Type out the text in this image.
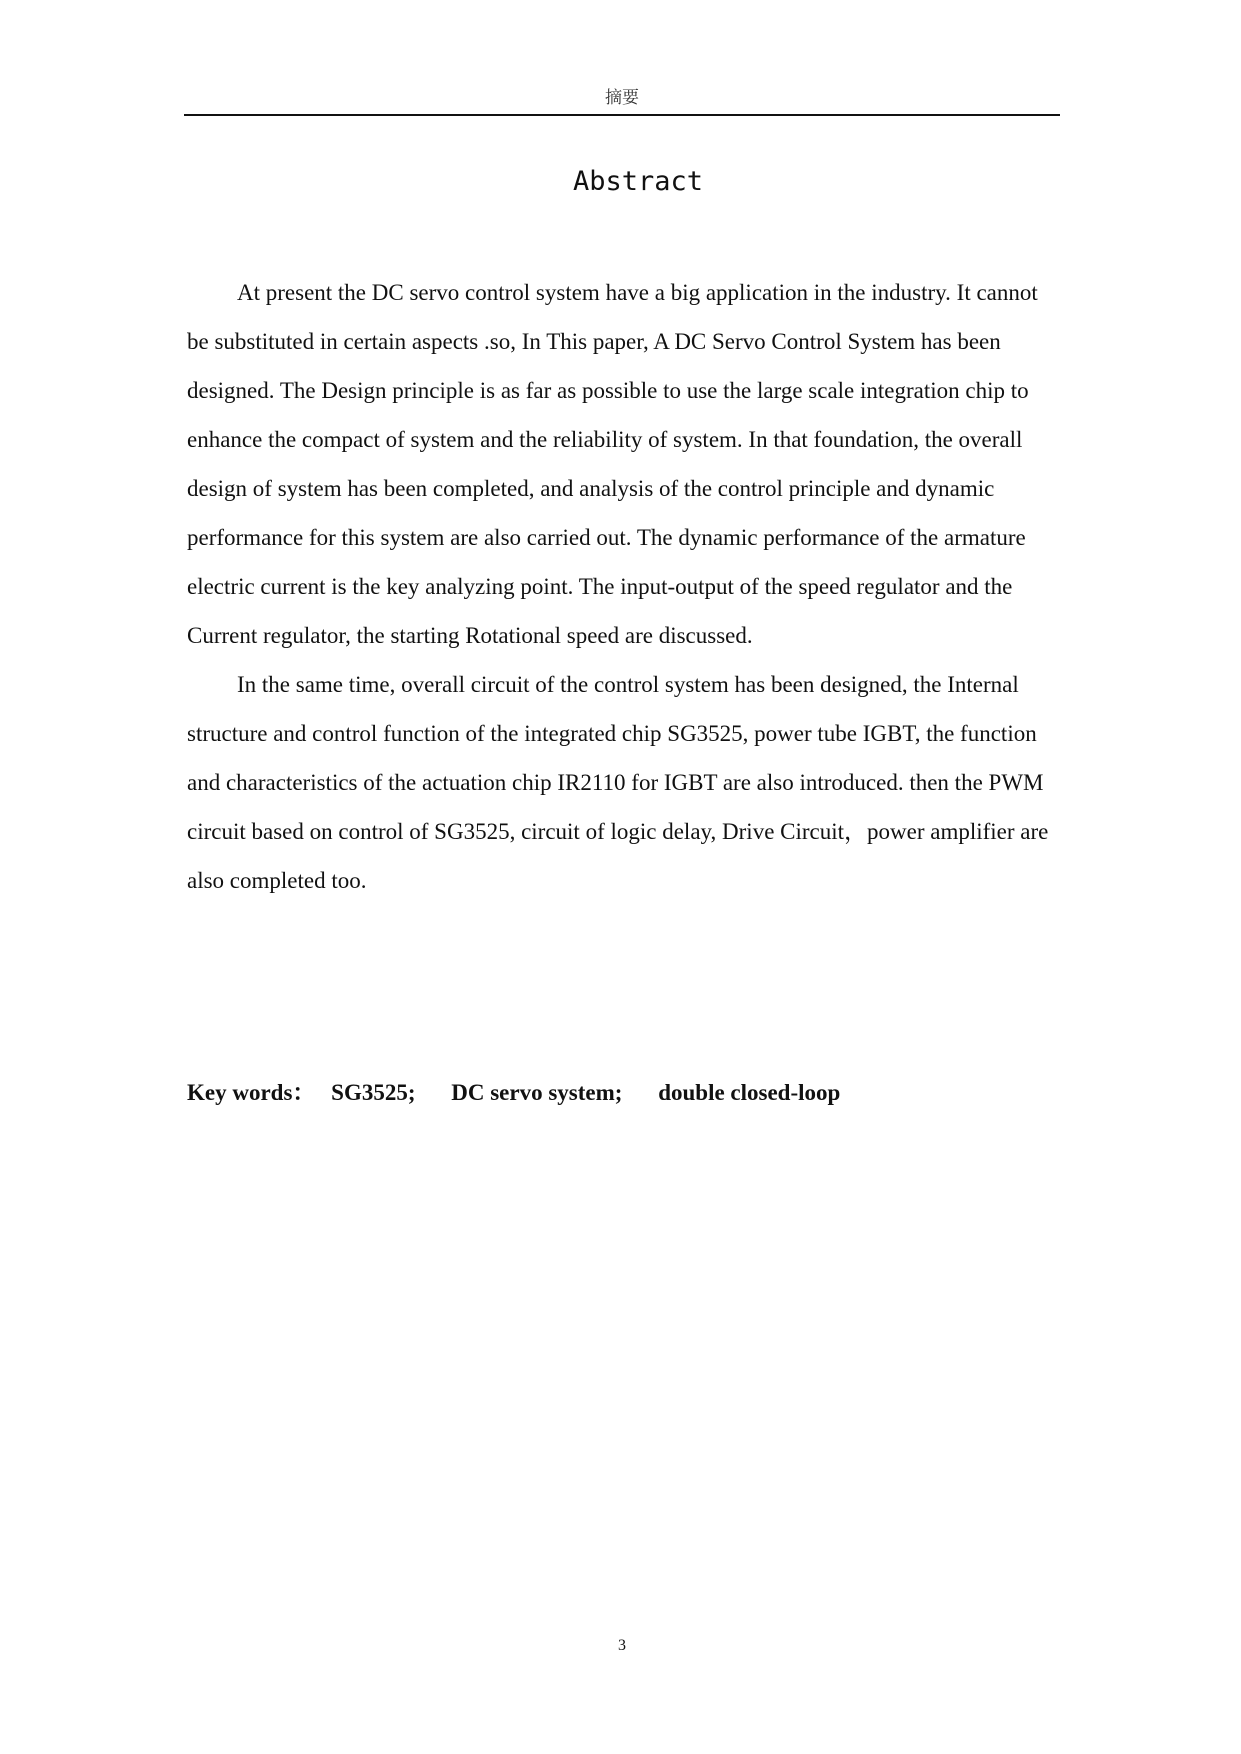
摘要
Abstract

At present the DC servo control system have a big application in the industry. It cannot be substituted in certain aspects .so, In This paper, A DC Servo Control System has been designed. The Design principle is as far as possible to use the large scale integration chip to enhance the compact of system and the reliability of system. In that foundation, the overall design of system has been completed, and analysis of the control principle and dynamic performance for this system are also carried out. The dynamic performance of the armature electric current is the key analyzing point. The input-output of the speed regulator and the Current regulator, the starting Rotational speed are discussed.

In the same time, overall circuit of the control system has been designed, the Internal structure and control function of the integrated chip SG3525, power tube IGBT, the function and characteristics of the actuation chip IR2110 for IGBT are also introduced. then the PWM circuit based on control of SG3525, circuit of logic delay, Drive Circuit，power amplifier are also completed too.

Key words： SG3525; DC servo system; double closed-loop
3
